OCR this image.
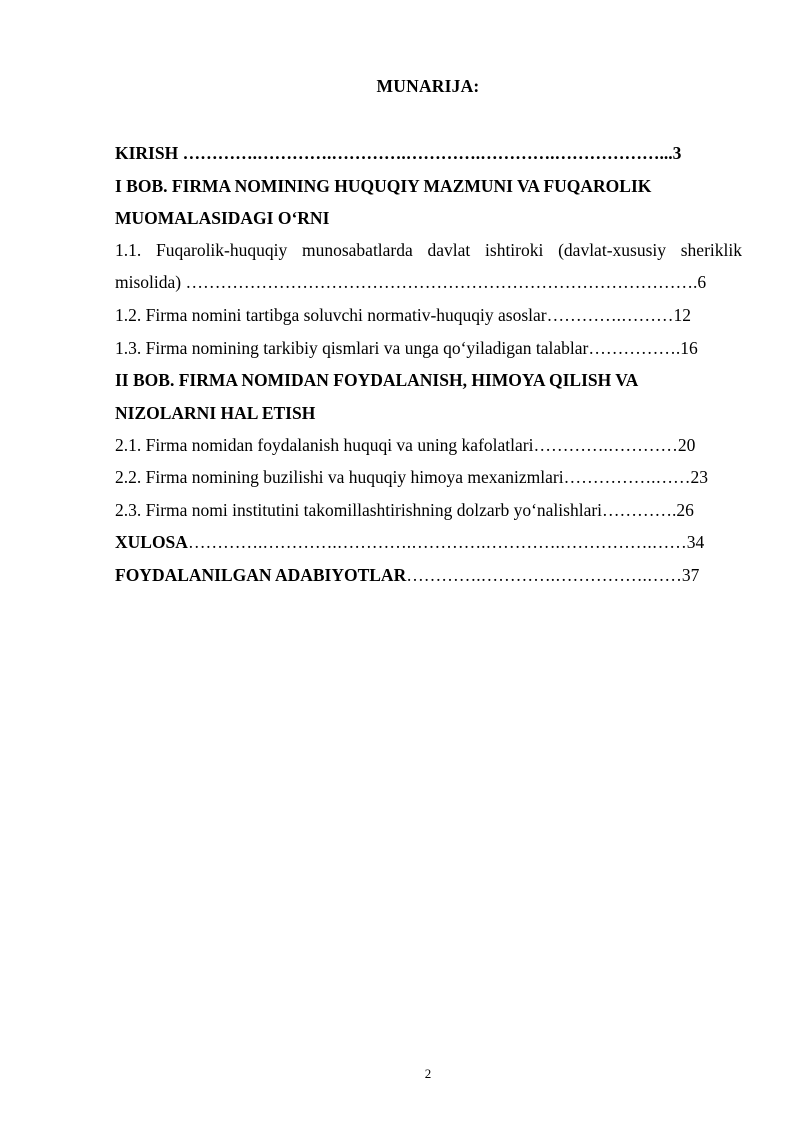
MUNARIJA:
KIRISH ………….………….………….………….………….………………...3
I BOB. FIRMA NOMINING HUQUQIY MAZMUNI VA FUQAROLIK
MUOMALASIDAGI O‘RNI
1.1. Fuqarolik-huquqiy munosabatlarda davlat ishtiroki (davlat-xususiy sheriklik
misolida) …………………………………………………………………………….6
1.2. Firma nomini tartibga soluvchi normativ-huquqiy asoslar………….………12
1.3. Firma nomining tarkibiy qismlari va unga qo‘yiladigan talablar…………….16
II BOB. FIRMA NOMIDAN FOYDALANISH, HIMOYA QILISH VA
NIZOLARNI HAL ETISH
2.1. Firma nomidan foydalanish huquqi va uning kafolatlari………….…………20
2.2. Firma nomining buzilishi va huquqiy himoya mexanizmlari…………….……23
2.3. Firma nomi institutini takomillashtirishning dolzarb yo‘nalishlari………….26
XULOSA………….………….………….………….………….…………….……34
FOYDALANILGAN ADABIYOTLAR………….………….…………….……37
2
